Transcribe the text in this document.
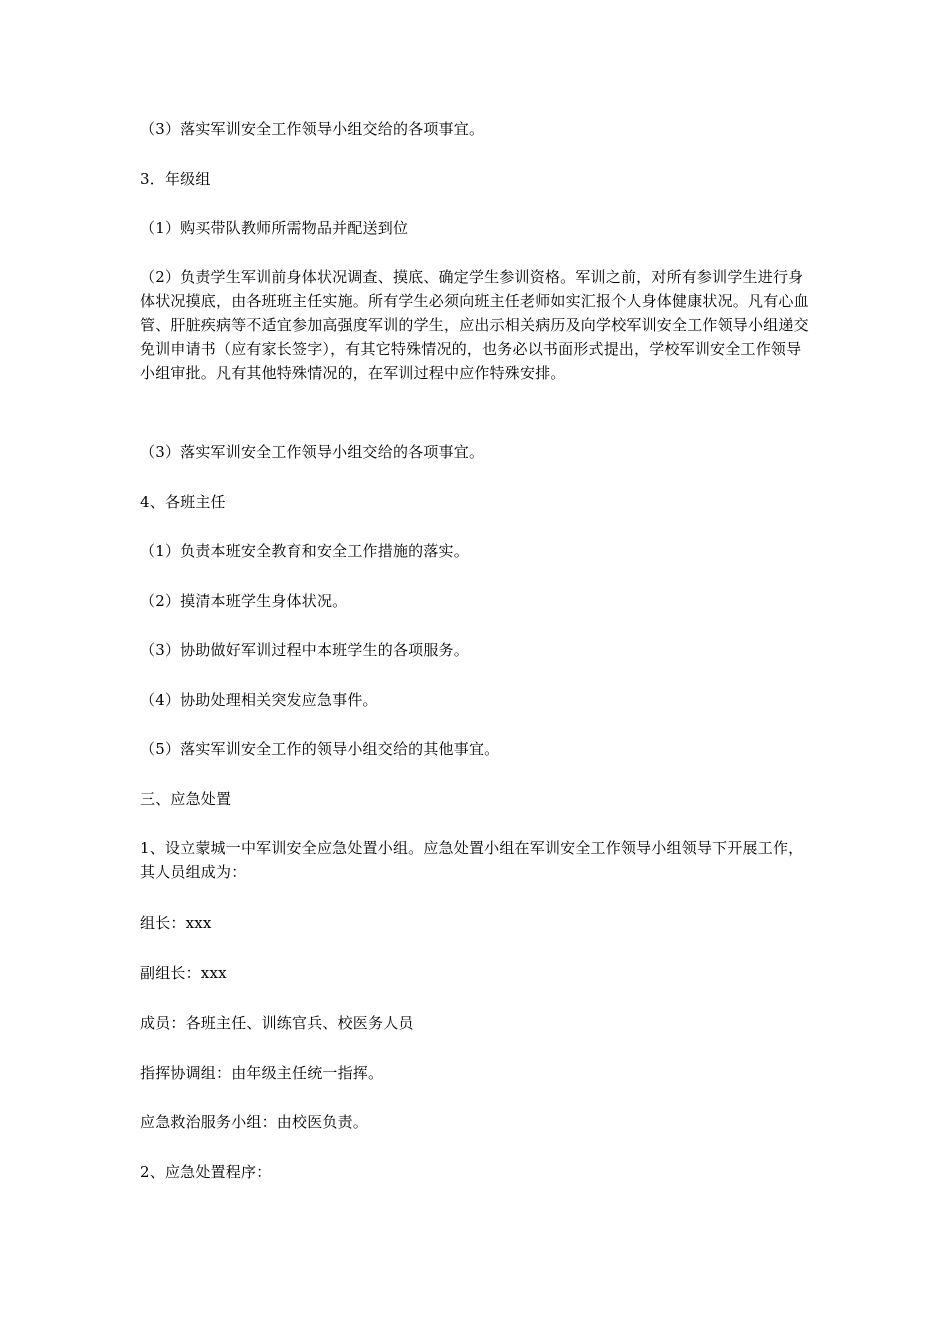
（3）落实军训安全工作领导小组交给的各项事宜。

3．年级组

（1）购买带队教师所需物品并配送到位

（2）负责学生军训前身体状况调查、摸底、确定学生参训资格。军训之前，对所有参训学生进行身体状况摸底，由各班班主任实施。所有学生必须向班主任老师如实汇报个人身体健康状况。凡有心血管、肝脏疾病等不适宜参加高强度军训的学生，应出示相关病历及向学校军训安全工作领导小组递交免训申请书（应有家长签字），有其它特殊情况的，也务必以书面形式提出，学校军训安全工作领导小组审批。凡有其他特殊情况的，在军训过程中应作特殊安排。

（3）落实军训安全工作领导小组交给的各项事宜。

4、各班主任

（1）负责本班安全教育和安全工作措施的落实。

（2）摸清本班学生身体状况。

（3）协助做好军训过程中本班学生的各项服务。

（4）协助处理相关突发应急事件。

（5）落实军训安全工作的领导小组交给的其他事宜。

三、应急处置

1、设立蒙城一中军训安全应急处置小组。应急处置小组在军训安全工作领导小组领导下开展工作，其人员组成为：

组长：xxx

副组长：xxx

成员：各班主任、训练官兵、校医务人员

指挥协调组：由年级主任统一指挥。

应急救治服务小组：由校医负责。

2、应急处置程序：
